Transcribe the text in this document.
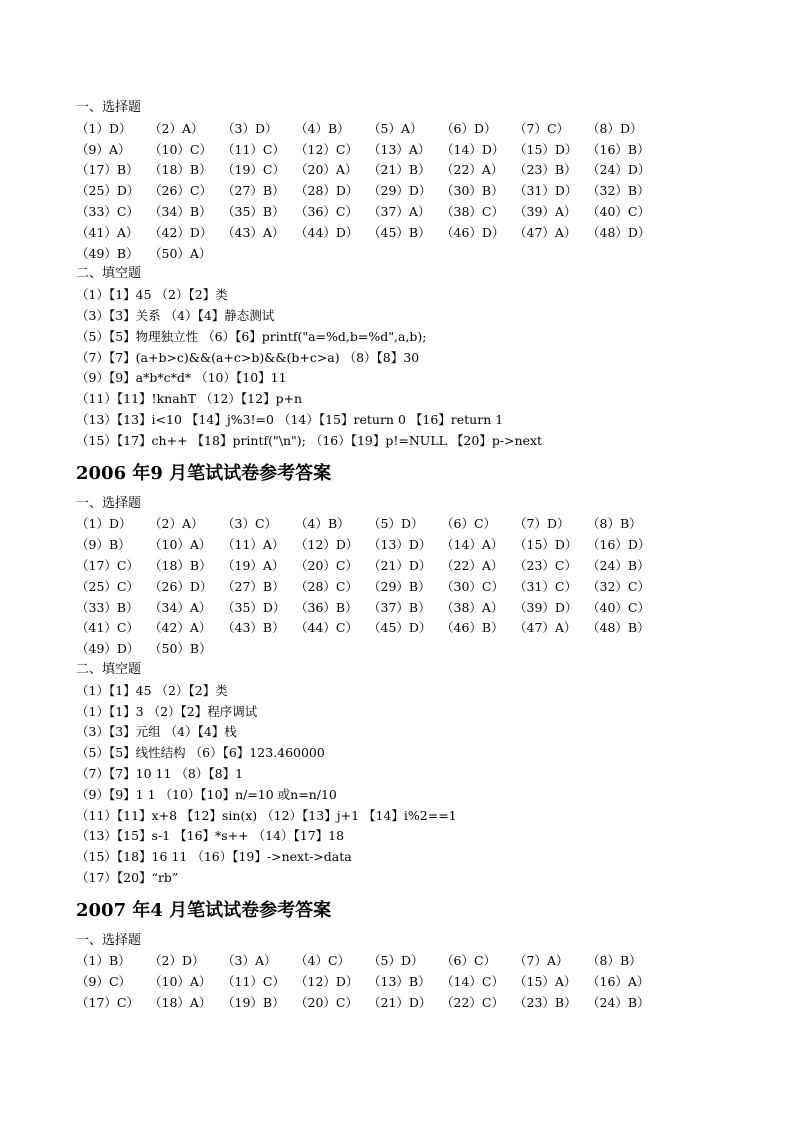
一、选择题
（1）D）	（2）A）	（3）D）	（4）B）	（5）A）	（6）D）	（7）C）	（8）D）
（9）A）	（10）C） （11）C） （12）C） （13）A） （14）D） （15）D） （16）B）
（17）B） （18）B） （19）C） （20）A） （21）B） （22）A） （23）B） （24）D）
（25）D） （26）C） （27）B） （28）D） （29）D） （30）B） （31）D） （32）B）
（33）C） （34）B） （35）B） （36）C） （37）A） （38）C） （39）A） （40）C）
（41）A） （42）D） （43）A） （44）D） （45）B） （46）D） （47）A） （48）D）
（49）B） （50）A）
二、填空题
（1）【1】45 （2）【2】类
（3）【3】关系 （4）【4】静态测试
（5）【5】物理独立性 （6）【6】printf("a=%d,b=%d",a,b);
（7）【7】(a+b>c)&&(a+c>b)&&(b+c>a) （8）【8】30
（9）【9】a*b*c*d* （10）【10】11
（11）【11】!knahT （12）【12】p+n
（13）【13】i<10 【14】j%3!=0 （14）【15】return 0 【16】return 1
（15）【17】ch++ 【18】printf("\n"); （16）【19】p!=NULL 【20】p->next
2006 年9 月笔试试卷参考答案
一、选择题
（1）D）	（2）A）	（3）C）	（4）B）	（5）D）	（6）C）	（7）D）	（8）B）
（9）B）	（10）A） （11）A） （12）D） （13）D） （14）A） （15）D） （16）D）
（17）C） （18）B） （19）A） （20）C） （21）D） （22）A） （23）C） （24）B）
（25）C） （26）D） （27）B） （28）C） （29）B） （30）C） （31）C） （32）C）
（33）B） （34）A） （35）D） （36）B） （37）B） （38）A） （39）D） （40）C）
（41）C） （42）A） （43）B） （44）C） （45）D） （46）B） （47）A） （48）B）
（49）D） （50）B）
二、填空题
（1）【1】45 （2）【2】类
（1）【1】3 （2）【2】程序调试
（3）【3】元组 （4）【4】栈
（5）【5】线性结构 （6）【6】123.460000
（7）【7】10 11 （8）【8】1
（9）【9】1 1 （10）【10】n/=10 或n=n/10
（11）【11】x+8 【12】sin(x) （12）【13】j+1 【14】i%2==1
（13）【15】s-1 【16】*s++ （14）【17】18
（15）【18】16 11 （16）【19】->next->data
（17）【20】“rb”
2007 年4 月笔试试卷参考答案
一、选择题
（1）B）	（2）D）	（3）A）	（4）C）	（5）D）	（6）C）	（7）A）	（8）B）
（9）C）	（10）A） （11）C） （12）D） （13）B） （14）C） （15）A） （16）A）
（17）C） （18）A） （19）B） （20）C） （21）D） （22）C） （23）B） （24）B）
